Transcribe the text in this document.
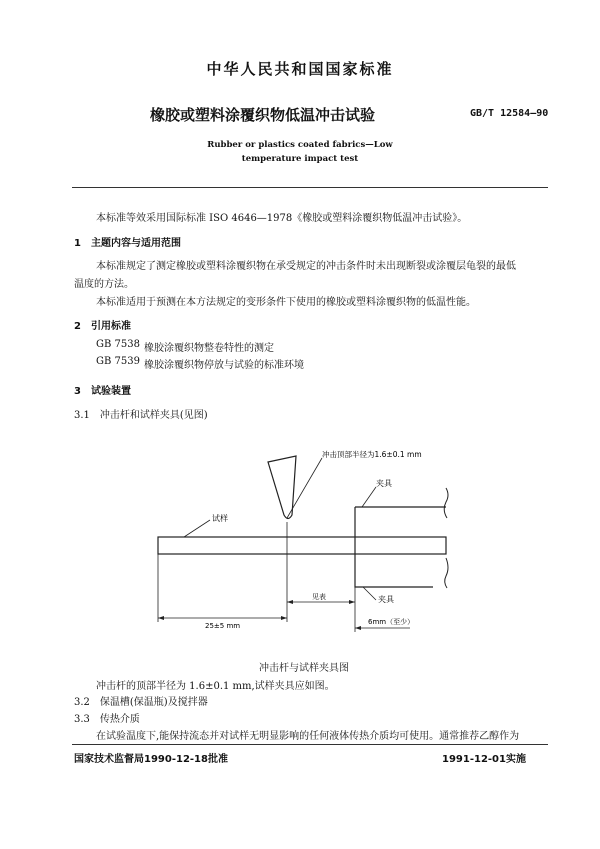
中华人民共和国国家标准
橡胶或塑料涂覆织物低温冲击试验	GB/T 12584—90
Rubber or plastics coated fabrics—Low
temperature impact test
本标准等效采用国际标准 ISO 4646—1978《橡胶或塑料涂覆织物低温冲击试验》。
1　主题内容与适用范围
本标准规定了测定橡胶或塑料涂覆织物在承受规定的冲击条件时未出现断裂或涂覆层龟裂的最低
温度的方法。
本标准适用于预测在本方法规定的变形条件下使用的橡胶或塑料涂覆织物的低温性能。
2　引用标准
GB 7538 橡胶涂覆织物整卷特性的测定
GB 7539 橡胶涂覆织物停放与试验的标准环境
3　试验装置
3.1　冲击杆和试样夹具(见图)
冲击顶部半径为1.6±0.1 mm
夹具
夹具
试样
见表
25±5 mm	6mm（至少）
冲击杆与试样夹具图
冲击杆的顶部半径为 1.6±0.1 mm,试样夹具应如图。
3.2　保温槽(保温瓶)及搅拌器
3.3　传热介质
在试验温度下,能保持流态并对试样无明显影响的任何液体传热介质均可使用。通常推荐乙醇作为
国家技术监督局1990-12-18批准	1991-12-01实施
